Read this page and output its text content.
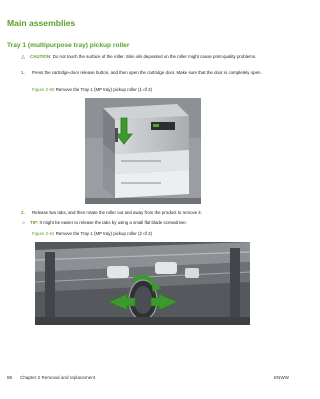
Main assemblies
Tray 1 (multipurpose tray) pickup roller
△ CAUTION: Do not touch the surface of the roller. Skin oils deposited on the roller might cause print-quality problems.
1. Press the cartridge-door release button, and then open the cartridge door. Make sure that the door is completely open.
Figure 2-60 Remove the Tray 1 (MP tray) pickup roller (1 of 2)
2. Release two tabs, and then rotate the roller out and away from the product to remove it.
☼ TIP: It might be easier to release the tabs by using a small flat blade screwdriver.
Figure 2-61 Remove the Tray 1 (MP tray) pickup roller (2 of 2)
88 Chapter 2 Removal and replacement	ENWW
